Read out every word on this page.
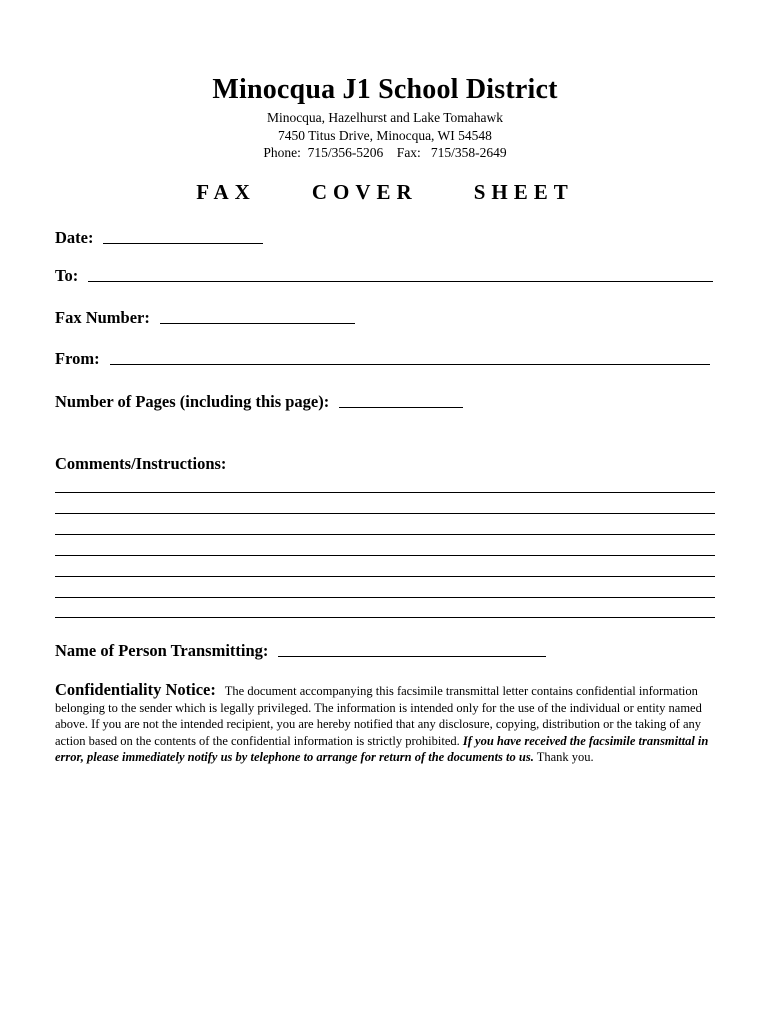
Minocqua J1 School District
Minocqua, Hazelhurst and Lake Tomahawk
7450 Titus Drive, Minocqua, WI 54548
Phone:  715/356-5206    Fax:   715/358-2649
FAX	COVER	SHEET
Date:
To:
Fax Number:
From:
Number of Pages (including this page):
Comments/Instructions:
Name of Person Transmitting:
Confidentiality Notice: The document accompanying this facsimile transmittal letter contains confidential information belonging to the sender which is legally privileged. The information is intended only for the use of the individual or entity named above. If you are not the intended recipient, you are hereby notified that any disclosure, copying, distribution or the taking of any action based on the contents of the confidential information is strictly prohibited. If you have received the facsimile transmittal in error, please immediately notify us by telephone to arrange for return of the documents to us. Thank you.
